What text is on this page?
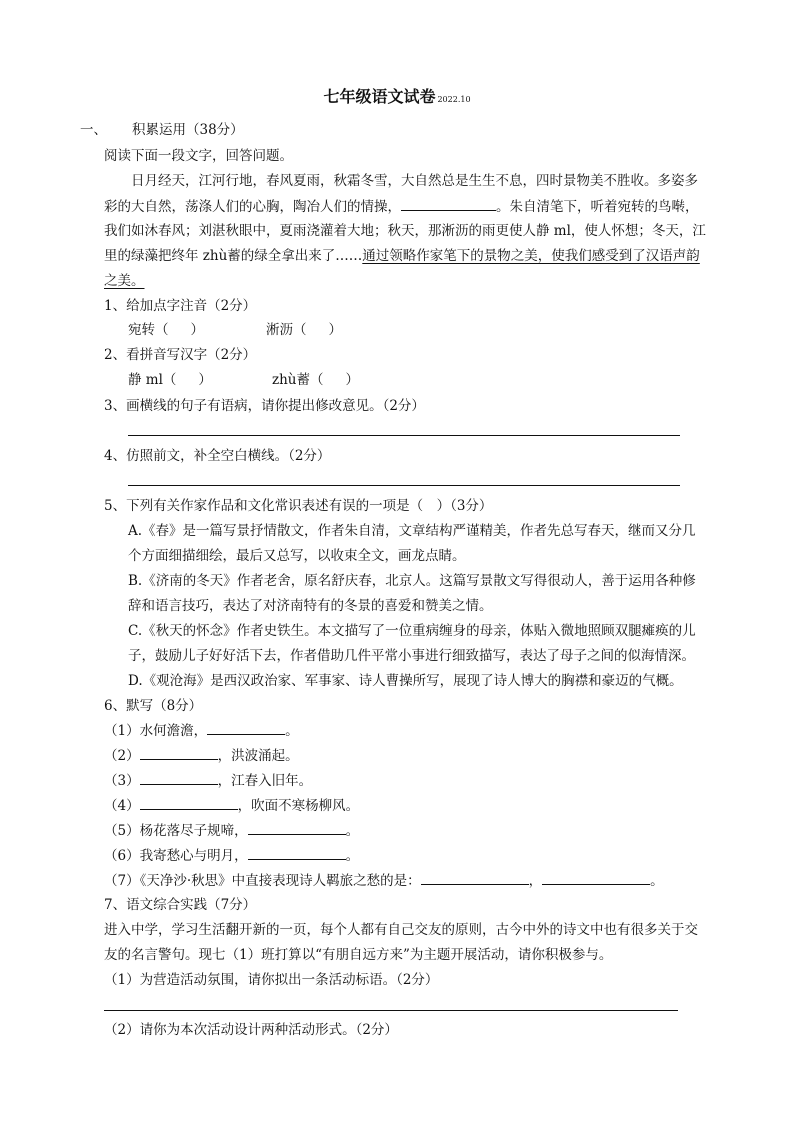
七年级语文试卷 2022.10
一、 积累运用（38分）
阅读下面一段文字，回答问题。
日月经天，江河行地，春风夏雨，秋霜冬雪，大自然总是生生不息，四时景物美不胜收。多姿多
彩的大自然，荡涤人们的心胸，陶冶人们的情操，	。朱自清笔下，听着宛转的鸟啭，
我们如沐春风；刘湛秋眼中，夏雨浇灌着大地；秋天，那淅沥的雨更使人静 ml，使人怀想；冬天，江
里的绿藻把终年 zhù蓄的绿全拿出来了……通过领略作家笔下的景物之美，使我们感受到了汉语声韵
之美。
1、给加点字注音（2分）
宛转（ ）	淅沥（ ）
2、看拼音写汉字（2分）
静 ml（ ）	zhù蓄（ ）
3、画横线的句子有语病，请你提出修改意见。（2分）
4、仿照前文，补全空白横线。（2分）
5、下列有关作家作品和文化常识表述有误的一项是（　）（3分）
A.《春》是一篇写景抒情散文，作者朱自清，文章结构严谨精美，作者先总写春天，继而又分几
个方面细描细绘，最后又总写，以收束全文，画龙点睛。
B.《济南的冬天》作者老舍，原名舒庆春，北京人。这篇写景散文写得很动人，善于运用各种修
辞和语言技巧，表达了对济南特有的冬景的喜爱和赞美之情。
C.《秋天的怀念》作者史铁生。本文描写了一位重病缠身的母亲，体贴入微地照顾双腿瘫痪的儿
子，鼓励儿子好好活下去，作者借助几件平常小事进行细致描写，表达了母子之间的似海情深。
D.《观沧海》是西汉政治家、军事家、诗人曹操所写，展现了诗人博大的胸襟和豪迈的气概。
6、默写（8分）
（1）水何澹澹，	。
（2）	，洪波涌起。
（3）	，江春入旧年。
（4）	，吹面不寒杨柳风。
（5）杨花落尽子规啼，	。
（6）我寄愁心与明月，	。
（7）《天净沙·秋思》中直接表现诗人羁旅之愁的是：	，	。
7、语文综合实践（7分）
进入中学，学习生活翻开新的一页，每个人都有自己交友的原则，古今中外的诗文中也有很多关于交
友的名言警句。现七（1）班打算以“有朋自远方来”为主题开展活动，请你积极参与。
（1）为营造活动氛围，请你拟出一条活动标语。（2分）
（2）请你为本次活动设计两种活动形式。（2分）
